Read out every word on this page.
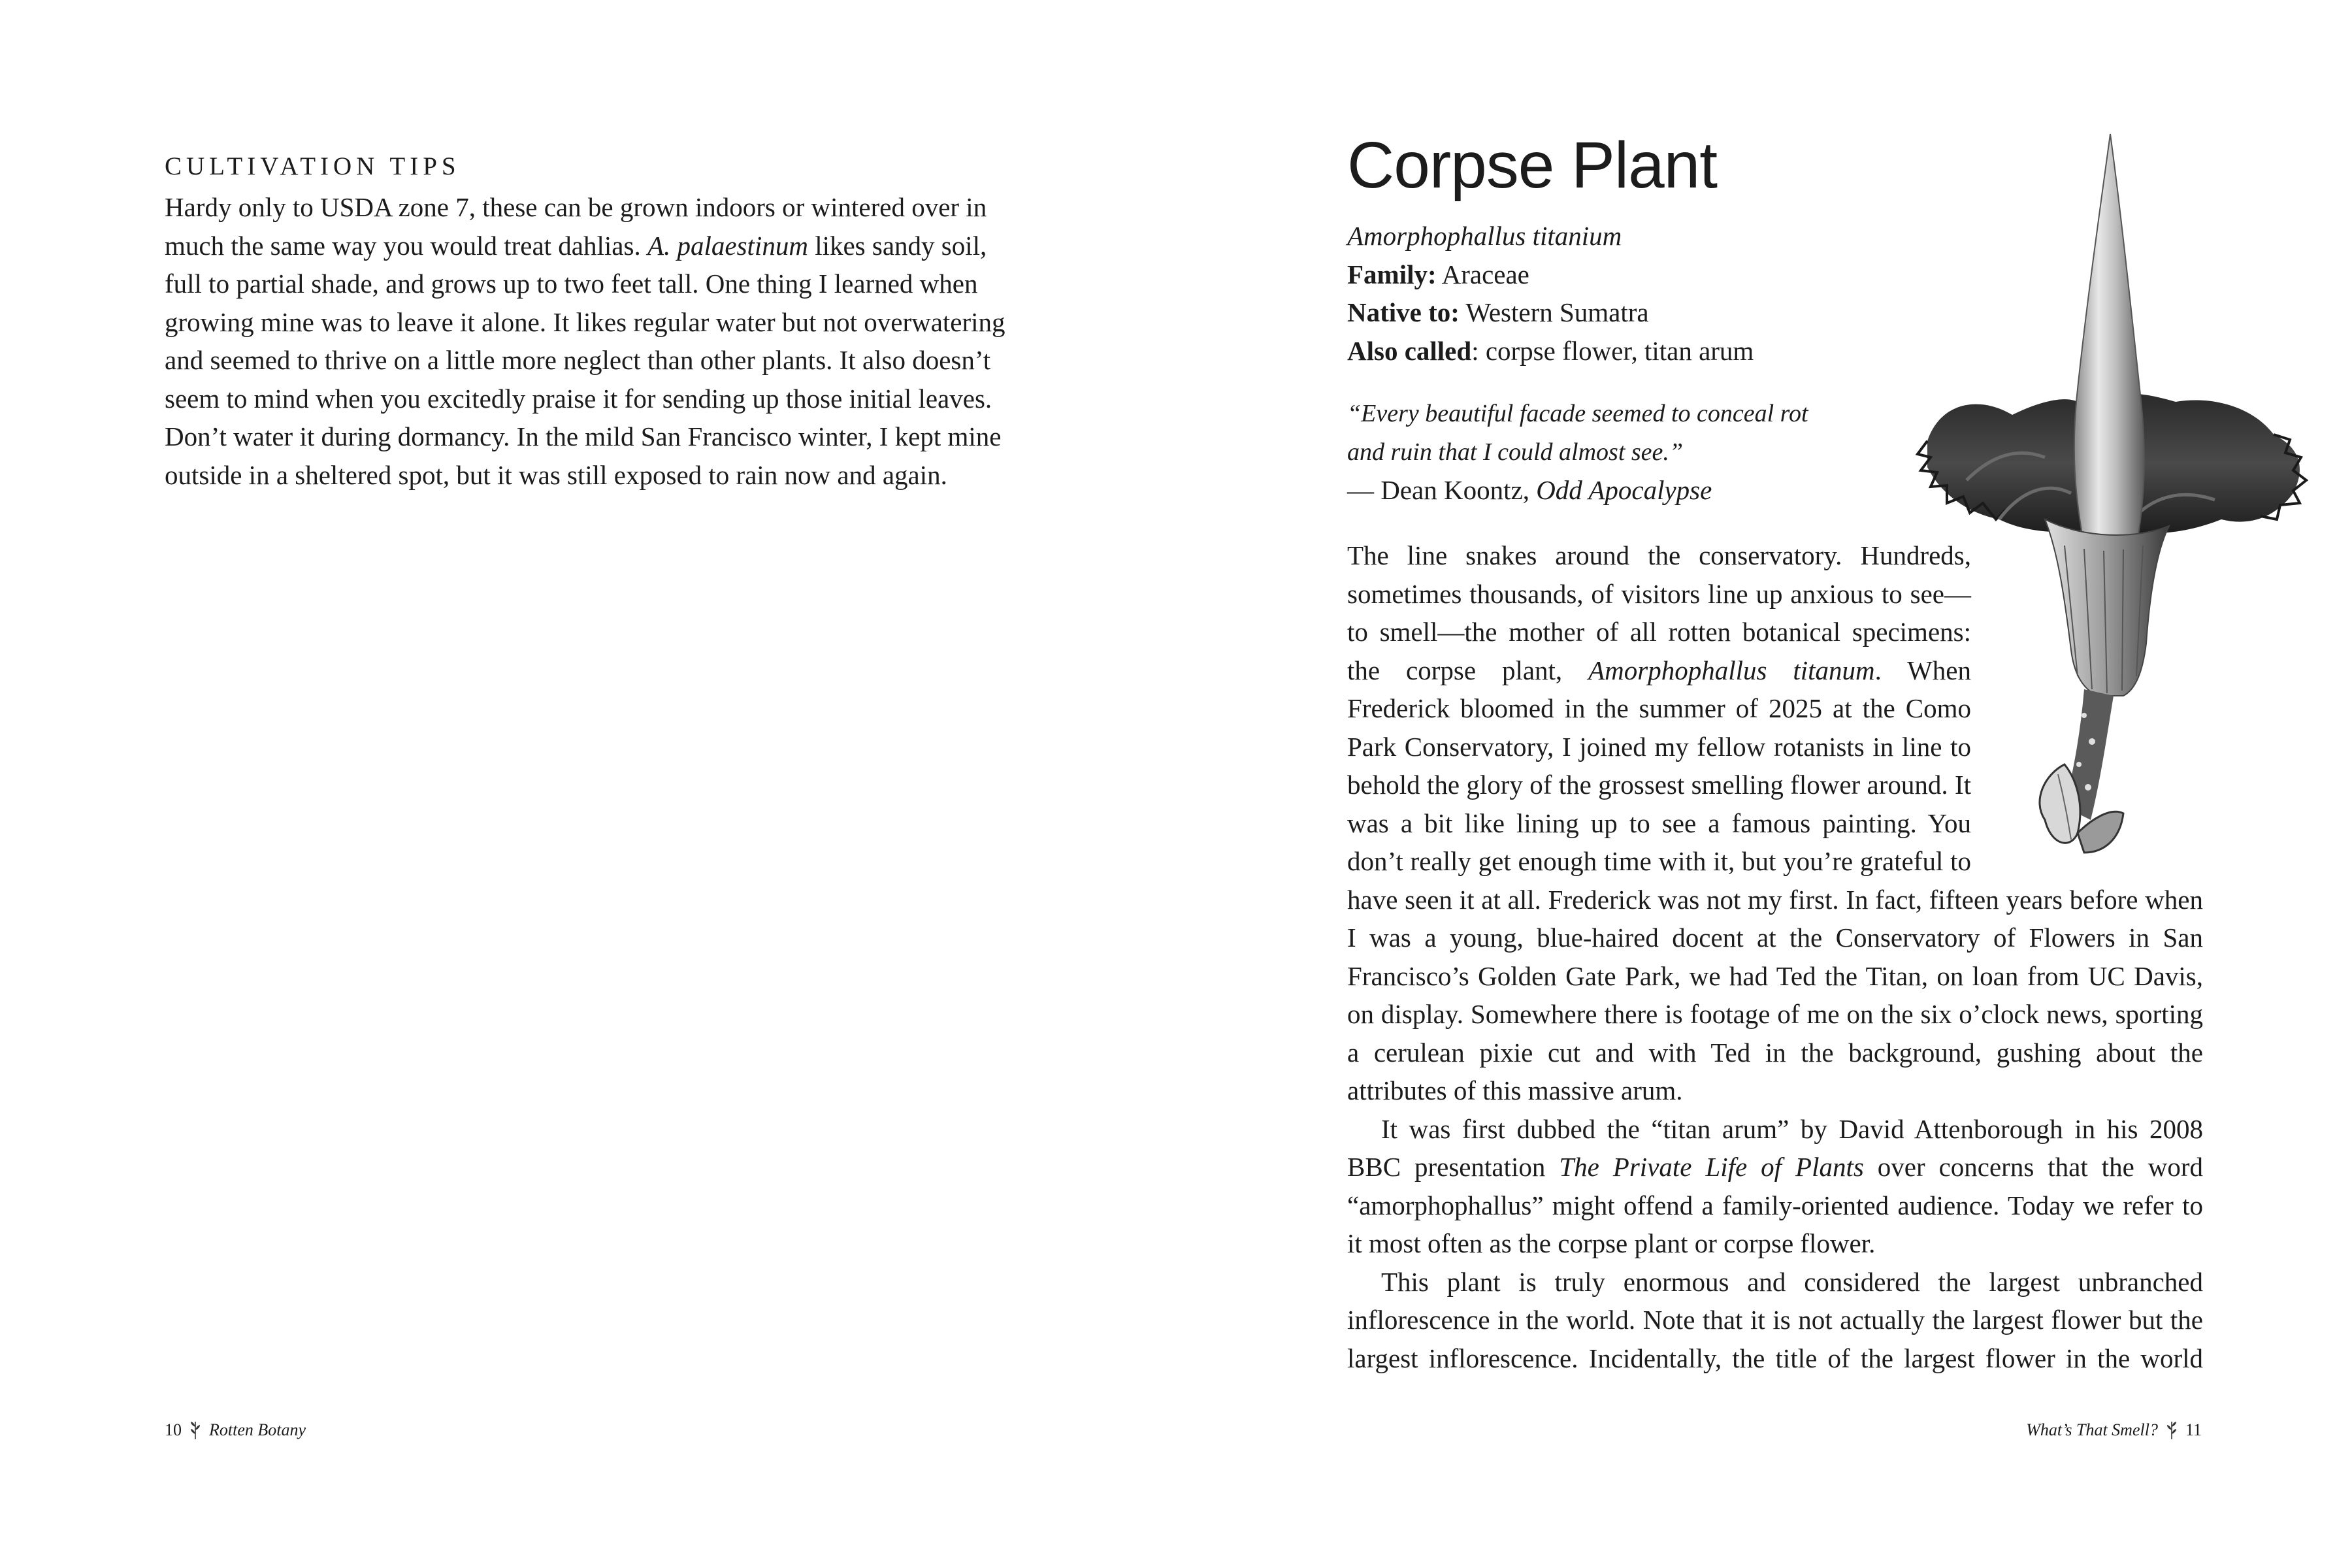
CULTIVATION TIPS

Hardy only to USDA zone 7, these can be grown indoors or wintered over in much the same way you would treat dahlias. A. palaestinum likes sandy soil, full to partial shade, and grows up to two feet tall. One thing I learned when growing mine was to leave it alone. It likes regular water but not overwatering and seemed to thrive on a little more neglect than other plants. It also doesn’t seem to mind when you excitedly praise it for sending up those initial leaves. Don’t water it during dormancy. In the mild San Francisco winter, I kept mine outside in a sheltered spot, but it was still exposed to rain now and again.

10 Rotten Botany
Corpse Plant
Amorphophallus titanium
Family: Araceae
Native to: Western Sumatra
Also called: corpse flower, titan arum
“Every beautiful facade seemed to conceal rot
and ruin that I could almost see.”
— Dean Koontz, Odd Apocalypse

The line snakes around the conservatory. Hundreds, sometimes thousands, of visitors line up anxious to see—to smell—the mother of all rotten botanical specimens: the corpse plant, Amorphophallus titanum. When Frederick bloomed in the summer of 2025 at the Como Park Conservatory, I joined my fellow rotanists in line to behold the glory of the grossest smelling flower around. It was a bit like lining up to see a famous painting. You don’t really get enough time with it, but you’re grateful to have seen it at all. Frederick was not my first. In fact, fifteen years before when I was a young, blue-haired docent at the Conservatory of Flowers in San Francisco’s Golden Gate Park, we had Ted the Titan, on loan from UC Davis, on display. Somewhere there is footage of me on the six o’clock news, sporting a cerulean pixie cut and with Ted in the background, gushing about the attributes of this massive arum.

It was first dubbed the “titan arum” by David Attenborough in his 2008 BBC presentation The Private Life of Plants over concerns that the word “amorphophallus” might offend a family-oriented audience. Today we refer to it most often as the corpse plant or corpse flower.

This plant is truly enormous and considered the largest unbranched inflorescence in the world. Note that it is not actually the largest flower but the largest inflorescence. Incidentally, the title of the largest flower in the world

What’s That Smell? 11
